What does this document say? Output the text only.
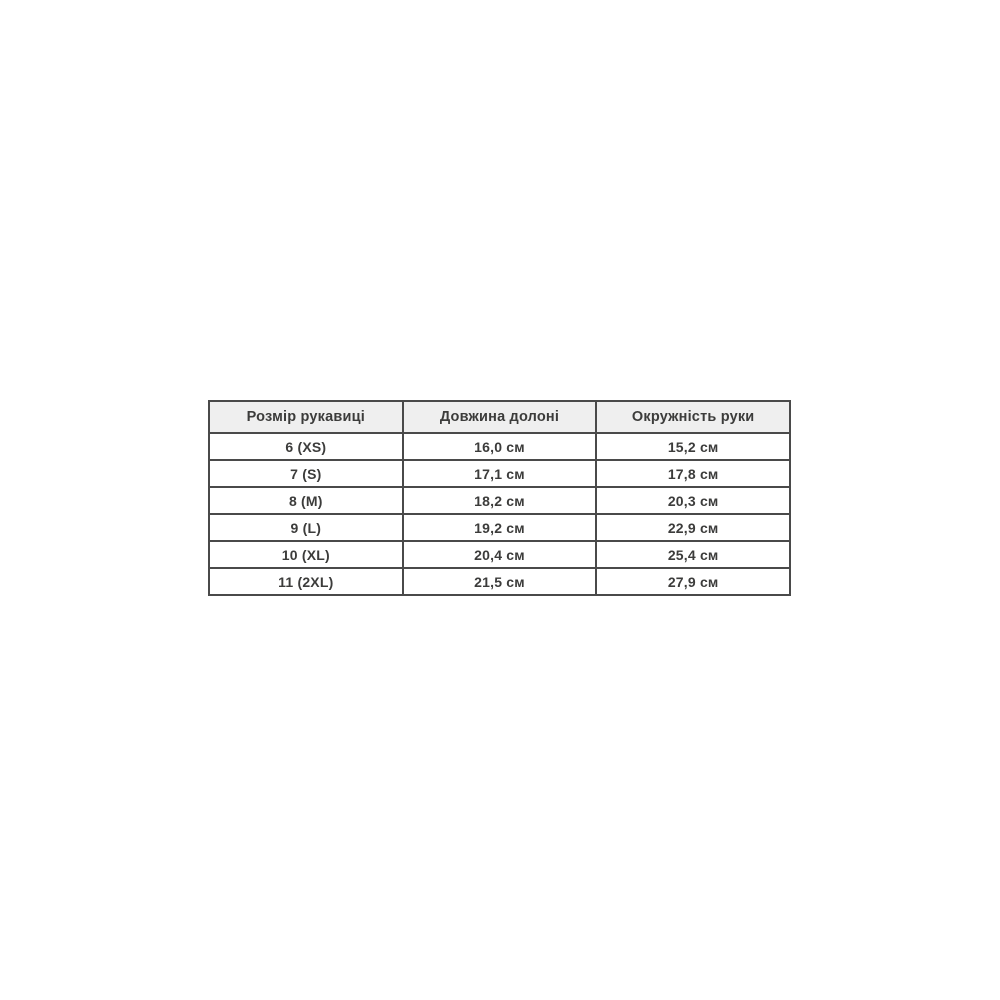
Розмір рукавиці	Довжина долоні	Окружність руки
6 (XS)	16,0 см	15,2 см
7 (S)	17,1 см	17,8 см
8 (M)	18,2 см	20,3 см
9 (L)	19,2 см	22,9 см
10 (XL)	20,4 см	25,4 см
11 (2XL)	21,5 см	27,9 см
